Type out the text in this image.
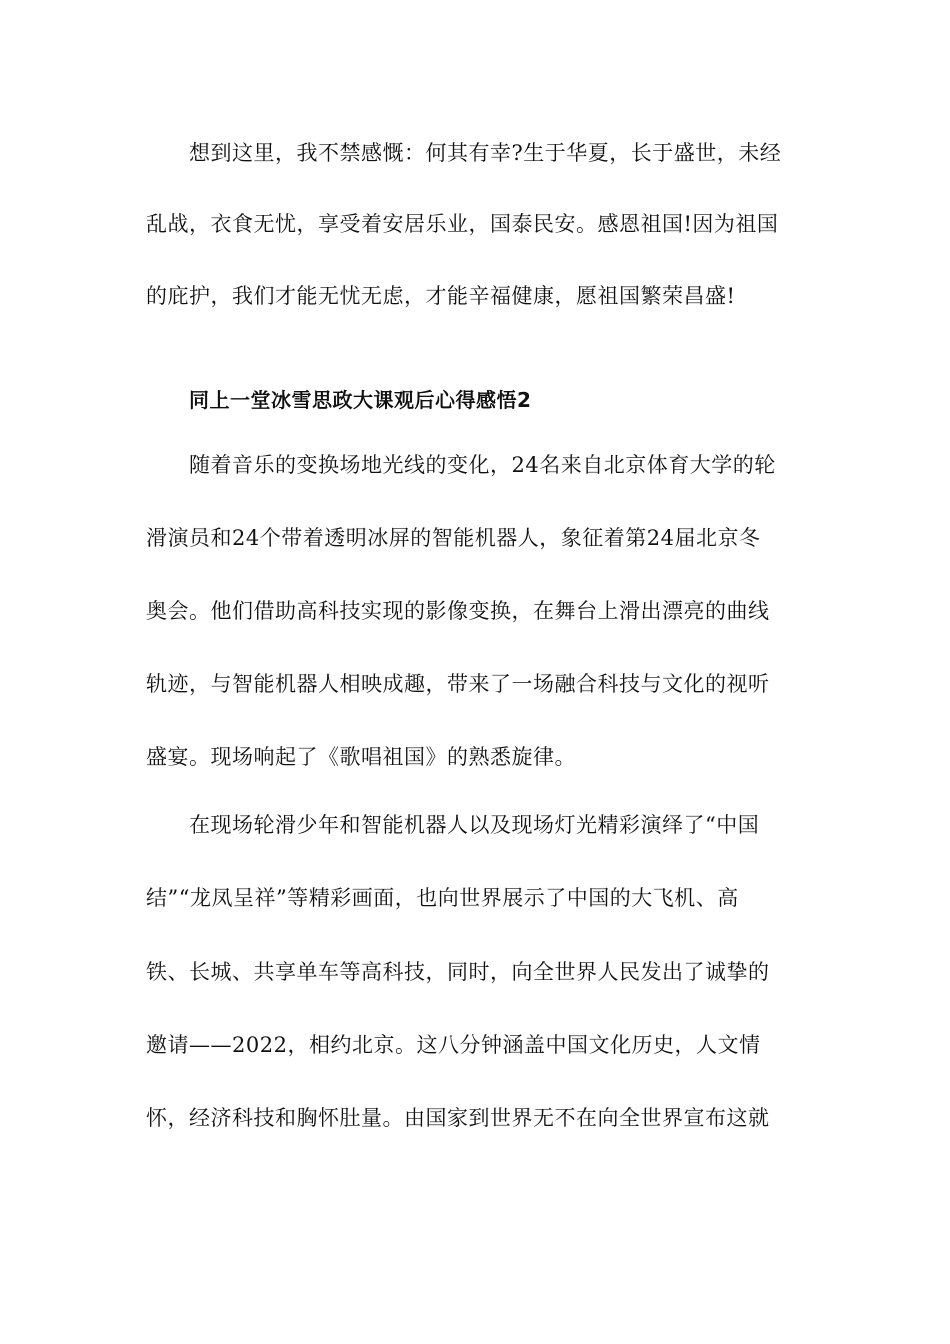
想到这里，我不禁感慨：何其有幸?生于华夏，长于盛世，未经
乱战，衣食无忧，享受着安居乐业，国泰民安。感恩祖国!因为祖国
的庇护，我们才能无忧无虑，才能辛福健康，愿祖国繁荣昌盛!
同上一堂冰雪思政大课观后心得感悟2
随着音乐的变换场地光线的变化，24名来自北京体育大学的轮
滑演员和24个带着透明冰屏的智能机器人，象征着第24届北京冬
奥会。他们借助高科技实现的影像变换，在舞台上滑出漂亮的曲线
轨迹，与智能机器人相映成趣，带来了一场融合科技与文化的视听
盛宴。现场响起了《歌唱祖国》的熟悉旋律。
在现场轮滑少年和智能机器人以及现场灯光精彩演绎了“中国
结”“龙凤呈祥”等精彩画面，也向世界展示了中国的大飞机、高
铁、长城、共享单车等高科技，同时，向全世界人民发出了诚挚的
邀请——2022，相约北京。这八分钟涵盖中国文化历史，人文情
怀，经济科技和胸怀肚量。由国家到世界无不在向全世界宣布这就
